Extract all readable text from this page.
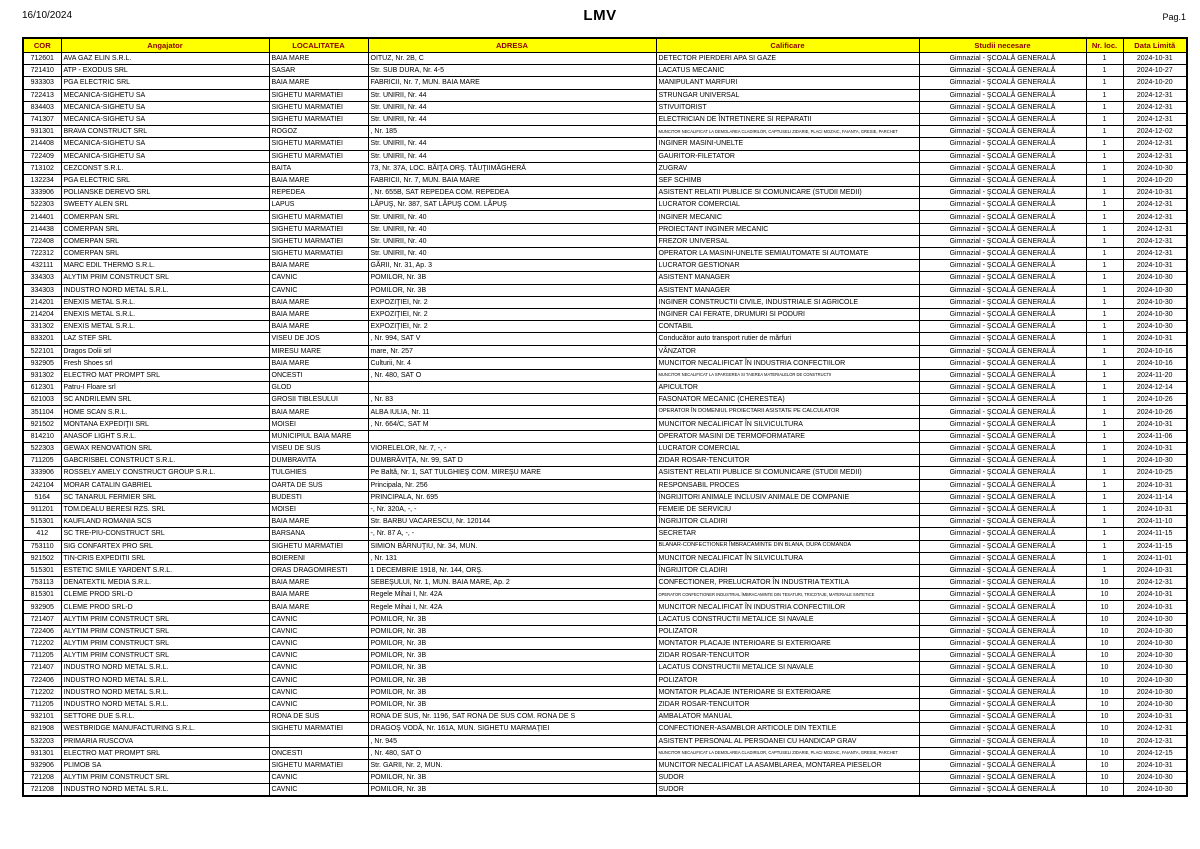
16/10/2024	LMV	Pag.1
COR	Angajator	LOCALITATEA	ADRESA	Calificare	Studii necesare	Nr. loc.	Data Limită
712601	AVA GAZ ELIN S.R.L.	BAIA MARE	OITUZ, Nr. 2B, C	DETECTOR PIERDERI APA SI GAZE	Gimnazial - ŞCOALĂ GENERALĂ	1	2024-10-31
721410	ATP - EXODUS SRL	SASAR	Str. SUB DURA, Nr. 4-5	LACATUS MECANIC	Gimnazial - ŞCOALĂ GENERALĂ	1	2024-10-27
933303	PGA ELECTRIC SRL	BAIA MARE	FABRICII, Nr. 7, MUN. BAIA MARE	MANIPULANT MARFURI	Gimnazial - ŞCOALĂ GENERALĂ	1	2024-10-20
722413	MECANICA-SIGHETU SA	SIGHETU MARMATIEI	Str. UNIRII, Nr. 44	STRUNGAR UNIVERSAL	Gimnazial - ŞCOALĂ GENERALĂ	1	2024-12-31
834403	MECANICA-SIGHETU SA	SIGHETU MARMATIEI	Str. UNIRII, Nr. 44	STIVUITORIST	Gimnazial - ŞCOALĂ GENERALĂ	1	2024-12-31
741307	MECANICA-SIGHETU SA	SIGHETU MARMATIEI	Str. UNIRII, Nr. 44	ELECTRICIAN DE ÎNTRETINERE SI REPARATII	Gimnazial - ŞCOALĂ GENERALĂ	1	2024-12-31
931301	BRAVA CONSTRUCT SRL	ROGOZ	, Nr. 185	MUNCITOR NECALIFICAT LA DEMOLAREA CLADIRILOR, CAPTUSELI ZIDARIE, PLACI MOZAIC, FAIANTA, GRESIE, PARCHET	Gimnazial - ŞCOALĂ GENERALĂ	1	2024-12-02
214408	MECANICA-SIGHETU SA	SIGHETU MARMATIEI	Str. UNIRII, Nr. 44	INGINER MASINI-UNELTE	Gimnazial - ŞCOALĂ GENERALĂ	1	2024-12-31
722409	MECANICA-SIGHETU SA	SIGHETU MARMATIEI	Str. UNIRII, Nr. 44	GAURITOR-FILETATOR	Gimnazial - ŞCOALĂ GENERALĂ	1	2024-12-31
713102	CEZCONST S.R.L.	BAITA	73, Nr. 37A, LOC. BĂIŢA ORŞ. TĂUŢIIMĂGHERĂ	ZUGRAV	Gimnazial - ŞCOALĂ GENERALĂ	1	2024-10-30
132234	PGA ELECTRIC SRL	BAIA MARE	FABRICII, Nr. 7, MUN. BAIA MARE	SEF SCHIMB	Gimnazial - ŞCOALĂ GENERALĂ	1	2024-10-20
333906	POLIANSKE DEREVO SRL	REPEDEA	, Nr. 655B, SAT REPEDEA COM. REPEDEA	ASISTENT RELATII PUBLICE SI COMUNICARE (STUDII MEDII)	Gimnazial - ŞCOALĂ GENERALĂ	1	2024-10-31
522303	SWEETY ALEN SRL	LAPUS	LĂPUŞ, Nr. 387, SAT LĂPUŞ COM. LĂPUŞ	LUCRATOR COMERCIAL	Gimnazial - ŞCOALĂ GENERALĂ	1	2024-12-31
214401	COMERPAN SRL	SIGHETU MARMATIEI	Str. UNIRII, Nr. 40	INGINER MECANIC	Gimnazial - ŞCOALĂ GENERALĂ	1	2024-12-31
214438	COMERPAN SRL	SIGHETU MARMATIEI	Str. UNIRII, Nr. 40	PROIECTANT INGINER MECANIC	Gimnazial - ŞCOALĂ GENERALĂ	1	2024-12-31
722408	COMERPAN SRL	SIGHETU MARMATIEI	Str. UNIRII, Nr. 40	FREZOR UNIVERSAL	Gimnazial - ŞCOALĂ GENERALĂ	1	2024-12-31
722312	COMERPAN SRL	SIGHETU MARMATIEI	Str. UNIRII, Nr. 40	OPERATOR LA MASINI-UNELTE SEMIAUTOMATE SI AUTOMATE	Gimnazial - ŞCOALĂ GENERALĂ	1	2024-12-31
432111	MARC EDIL THERMO S.R.L.	BAIA MARE	GĂRII, Nr. 31, Ap. 3	LUCRATOR GESTIONAR	Gimnazial - ŞCOALĂ GENERALĂ	1	2024-10-31
334303	ALYTIM PRIM CONSTRUCT SRL	CAVNIC	POMILOR, Nr. 3B	ASISTENT MANAGER	Gimnazial - ŞCOALĂ GENERALĂ	1	2024-10-30
334303	INDUSTRO NORD METAL S.R.L.	CAVNIC	POMILOR, Nr. 3B	ASISTENT MANAGER	Gimnazial - ŞCOALĂ GENERALĂ	1	2024-10-30
214201	ENEXIS METAL S.R.L.	BAIA MARE	EXPOZIŢIEI, Nr. 2	INGINER CONSTRUCTII CIVILE, INDUSTRIALE SI AGRICOLE	Gimnazial - ŞCOALĂ GENERALĂ	1	2024-10-30
214204	ENEXIS METAL S.R.L.	BAIA MARE	EXPOZIŢIEI, Nr. 2	INGINER CAI FERATE, DRUMURI SI PODURI	Gimnazial - ŞCOALĂ GENERALĂ	1	2024-10-30
331302	ENEXIS METAL S.R.L.	BAIA MARE	EXPOZIŢIEI, Nr. 2	CONTABIL	Gimnazial - ŞCOALĂ GENERALĂ	1	2024-10-30
833201	LAZ STEF SRL	VISEU DE JOS	, Nr. 994, SAT V	Conducător auto transport rutier de mărfuri	Gimnazial - ŞCOALĂ GENERALĂ	1	2024-10-31
522101	Dragos Dolii srl	MIRESU MARE	mare, Nr. 257	VÂNZATOR	Gimnazial - ŞCOALĂ GENERALĂ	1	2024-10-16
932905	Fresh Shoes srl	BAIA MARE	Culturii, Nr. 4	MUNCITOR NECALIFICAT ÎN INDUSTRIA CONFECTIILOR	Gimnazial - ŞCOALĂ GENERALĂ	1	2024-10-16
931302	ELECTRO MAT PROMPT SRL	ONCESTI	, Nr. 480, SAT O	MUNCITOR NECALIFICAT LA SPARGEREA SI TAIEREA MATERIALELOR DE CONSTRUCTII	Gimnazial - ŞCOALĂ GENERALĂ	1	2024-11-20
612301	Patru-I Floare srl	GLOD		APICULTOR	Gimnazial - ŞCOALĂ GENERALĂ	1	2024-12-14
621003	SC ANDRILEMN SRL	GROSII TIBLESULUI	, Nr. 83	FASONATOR MECANIC (CHERESTEA)	Gimnazial - ŞCOALĂ GENERALĂ	1	2024-10-26
351104	HOME SCAN S.R.L.	BAIA MARE	ALBA IULIA, Nr. 11	OPERATOR ÎN DOMENIUL PROIECTARII ASISTATE PE CALCULATOR	Gimnazial - ŞCOALĂ GENERALĂ	1	2024-10-26
921502	MONTANA EXPEDIŢII SRL	MOISEI	, Nr. 664/C, SAT M	MUNCITOR NECALIFICAT ÎN SILVICULTURA	Gimnazial - ŞCOALĂ GENERALĂ	1	2024-10-31
814210	ANASOF LIGHT S.R.L.	MUNICIPIUL BAIA MARE		OPERATOR MASINI DE TERMOFORMATARE	Gimnazial - ŞCOALĂ GENERALĂ	1	2024-11-06
522303	GEWAX RENOVATION SRL	VISEU DE SUS	VIORELELOR, Nr. 7, -, -	LUCRATOR COMERCIAL	Gimnazial - ŞCOALĂ GENERALĂ	1	2024-10-31
711205	GABCRISBEL CONSTRUCT S.R.L.	DUMBRAVITA	DUMBRĂVIŢA, Nr. 99, SAT D	ZIDAR ROSAR-TENCUITOR	Gimnazial - ŞCOALĂ GENERALĂ	1	2024-10-30
333906	ROSSELY AMELY CONSTRUCT GROUP S.R.L.	TULGHIES	Pe Baltă, Nr. 1, SAT TULGHIEŞ COM. MIREŞU MARE	ASISTENT RELATII PUBLICE SI COMUNICARE (STUDII MEDII)	Gimnazial - ŞCOALĂ GENERALĂ	1	2024-10-25
242104	MORAR CATALIN GABRIEL	OARTA DE SUS	Principala, Nr. 256	RESPONSABIL PROCES	Gimnazial - ŞCOALĂ GENERALĂ	1	2024-10-31
5164	SC TANARUL FERMIER SRL	BUDESTI	PRINCIPALA, Nr. 695	ÎNGRIJITORI ANIMALE INCLUSIV ANIMALE DE COMPANIE	Gimnazial - ŞCOALĂ GENERALĂ	1	2024-11-14
911201	TOM.DEALU BERESI RZS. SRL	MOISEI	-, Nr. 320A, -, -	FEMEIE DE SERVICIU	Gimnazial - ŞCOALĂ GENERALĂ	1	2024-10-31
515301	KAUFLAND ROMANIA SCS	BAIA MARE	Str. BARBU VACARESCU, Nr. 120144	ÎNGRIJITOR CLADIRI	Gimnazial - ŞCOALĂ GENERALĂ	1	2024-11-10
412	SC TRE-PIU-CONSTRUCT SRL	BARSANA	-, Nr. 87 A, -, -	SECRETAR	Gimnazial - ŞCOALĂ GENERALĂ	1	2024-11-15
753110	SIG CONFARTEX PRO SRL	SIGHETU MARMATIEI	SIMION BĂRNUŢIU, Nr. 34, MUN.	BLANAR-CONFECTIONER ÎMBRACAMINTE DIN BLANA, DUPA COMANDA	Gimnazial - ŞCOALĂ GENERALĂ	1	2024-11-15
921502	TIN-CRIS EXPEDITII SRL	BOIERENI	, Nr. 131	MUNCITOR NECALIFICAT ÎN SILVICULTURA	Gimnazial - ŞCOALĂ GENERALĂ	1	2024-11-01
515301	ESTETIC SMILE YARDENT S.R.L.	ORAS DRAGOMIRESTI	1 DECEMBRIE 1918, Nr. 144, ORŞ.	ÎNGRIJITOR CLADIRI	Gimnazial - ŞCOALĂ GENERALĂ	1	2024-10-31
753113	DENATEXTIL MEDIA S.R.L.	BAIA MARE	SEBEŞULUI, Nr. 1, MUN. BAIA MARE, Ap. 2	CONFECTIONER, PRELUCRATOR ÎN INDUSTRIA TEXTILA	Gimnazial - ŞCOALĂ GENERALĂ	10	2024-12-31
815301	CLEME PROD SRL-D	BAIA MARE	Regele Mihai I, Nr. 42A	OPERATOR CONFECTIONER INDUSTRIAL ÎMBRACAMINTE DIN TESATURI, TRICOTAJE, MATERIALE SINTETICE	Gimnazial - ŞCOALĂ GENERALĂ	10	2024-10-31
932905	CLEME PROD SRL-D	BAIA MARE	Regele Mihai I, Nr. 42A	MUNCITOR NECALIFICAT ÎN INDUSTRIA CONFECTIILOR	Gimnazial - ŞCOALĂ GENERALĂ	10	2024-10-31
721407	ALYTIM PRIM CONSTRUCT SRL	CAVNIC	POMILOR, Nr. 3B	LACATUS CONSTRUCTII METALICE SI NAVALE	Gimnazial - ŞCOALĂ GENERALĂ	10	2024-10-30
722406	ALYTIM PRIM CONSTRUCT SRL	CAVNIC	POMILOR, Nr. 3B	POLIZATOR	Gimnazial - ŞCOALĂ GENERALĂ	10	2024-10-30
712202	ALYTIM PRIM CONSTRUCT SRL	CAVNIC	POMILOR, Nr. 3B	MONTATOR PLACAJE INTERIOARE SI EXTERIOARE	Gimnazial - ŞCOALĂ GENERALĂ	10	2024-10-30
711205	ALYTIM PRIM CONSTRUCT SRL	CAVNIC	POMILOR, Nr. 3B	ZIDAR ROSAR-TENCUITOR	Gimnazial - ŞCOALĂ GENERALĂ	10	2024-10-30
721407	INDUSTRO NORD METAL S.R.L.	CAVNIC	POMILOR, Nr. 3B	LACATUS CONSTRUCTII METALICE SI NAVALE	Gimnazial - ŞCOALĂ GENERALĂ	10	2024-10-30
722406	INDUSTRO NORD METAL S.R.L.	CAVNIC	POMILOR, Nr. 3B	POLIZATOR	Gimnazial - ŞCOALĂ GENERALĂ	10	2024-10-30
712202	INDUSTRO NORD METAL S.R.L.	CAVNIC	POMILOR, Nr. 3B	MONTATOR PLACAJE INTERIOARE SI EXTERIOARE	Gimnazial - ŞCOALĂ GENERALĂ	10	2024-10-30
711205	INDUSTRO NORD METAL S.R.L.	CAVNIC	POMILOR, Nr. 3B	ZIDAR ROSAR-TENCUITOR	Gimnazial - ŞCOALĂ GENERALĂ	10	2024-10-30
932101	SETTORE DUE S.R.L.	RONA DE SUS	RONA DE SUS, Nr. 1196, SAT RONA DE SUS COM. RONA DE S	AMBALATOR MANUAL	Gimnazial - ŞCOALĂ GENERALĂ	10	2024-10-31
821908	WESTBRIDGE MANUFACTURING S.R.L.	SIGHETU MARMATIEI	DRAGOŞ VODĂ, Nr. 161A, MUN. SIGHETU MARMAŢIEI	CONFECTIONER-ASAMBLOR ARTICOLE DIN TEXTILE	Gimnazial - ŞCOALĂ GENERALĂ	10	2024-12-31
532203	PRIMARIA RUSCOVA		, Nr. 945	ASISTENT PERSONAL AL PERSOANEI CU HANDICAP GRAV	Gimnazial - ŞCOALĂ GENERALĂ	10	2024-12-31
931301	ELECTRO MAT PROMPT SRL	ONCESTI	, Nr. 480, SAT O	MUNCITOR NECALIFICAT LA DEMOLAREA CLADIRILOR, CAPTUSELI ZIDARIE, PLACI MOZAIC, FAIANTA, GRESIE, PARCHET	Gimnazial - ŞCOALĂ GENERALĂ	10	2024-12-15
932906	PLIMOB SA	SIGHETU MARMATIEI	Str. GARII, Nr. 2, MUN.	MUNCITOR NECALIFICAT LA ASAMBLAREA, MONTAREA PIESELOR	Gimnazial - ŞCOALĂ GENERALĂ	10	2024-10-31
721208	ALYTIM PRIM CONSTRUCT SRL	CAVNIC	POMILOR, Nr. 3B	SUDOR	Gimnazial - ŞCOALĂ GENERALĂ	10	2024-10-30
721208	INDUSTRO NORD METAL S.R.L.	CAVNIC	POMILOR, Nr. 3B	SUDOR	Gimnazial - ŞCOALĂ GENERALĂ	10	2024-10-30
